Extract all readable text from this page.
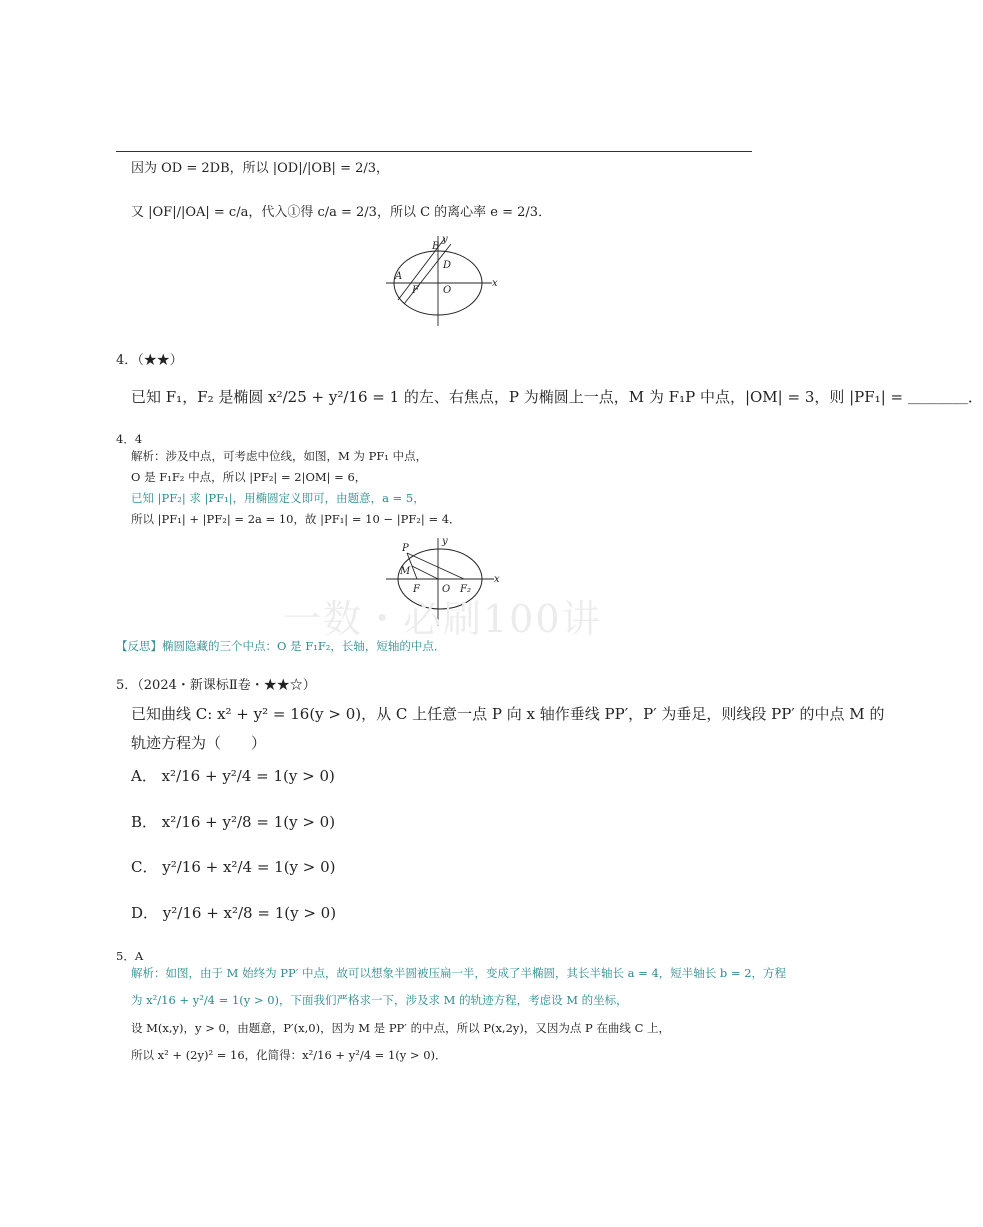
因为 OD = 2DB，所以 |OD|/|OB| = 2/3，
又 |OF|/|OA| = c/a，代入①得 c/a = 2/3，所以 C 的离心率 e = 2/3．
y
B
D
A
x
F O
4．（★★）
已知 F₁，F₂ 是椭圆 x²/25 + y²/16 = 1 的左、右焦点，P 为椭圆上一点，M 为 F₁P 中点，|OM| = 3，则 |PF₁| = ＿＿＿＿．
4．4
解析：涉及中点，可考虑中位线，如图，M 为 PF₁ 中点，
O 是 F₁F₂ 中点，所以 |PF₂| = 2|OM| = 6，
已知 |PF₂| 求 |PF₁|，用椭圆定义即可，由题意，a = 5，
所以 |PF₁| + |PF₂| = 2a = 10，故 |PF₁| = 10 − |PF₂| = 4．
y
P
M
x
F O F₂
一数・必刷100讲
【反思】椭圆隐藏的三个中点：O 是 F₁F₂，长轴，短轴的中点．
5．（2024・新课标Ⅱ卷・★★☆）
已知曲线 C: x² + y² = 16(y > 0)，从 C 上任意一点 P 向 x 轴作垂线 PP′，P′ 为垂足，则线段 PP′ 的中点 M 的
轨迹方程为（　　）
A． x²/16 + y²/4 = 1(y > 0)
B． x²/16 + y²/8 = 1(y > 0)
C． y²/16 + x²/4 = 1(y > 0)
D． y²/16 + x²/8 = 1(y > 0)
5．A
解析：如图，由于 M 始终为 PP′ 中点，故可以想象半圆被压扁一半，变成了半椭圆，其长半轴长 a = 4，短半轴长 b = 2，方程
为 x²/16 + y²/4 = 1(y > 0)，下面我们严格求一下，涉及求 M 的轨迹方程，考虑设 M 的坐标，
设 M(x,y)，y > 0，由题意，P′(x,0)，因为 M 是 PP′ 的中点，所以 P(x,2y)，又因为点 P 在曲线 C 上，
所以 x² + (2y)² = 16，化简得：x²/16 + y²/4 = 1(y > 0)．
